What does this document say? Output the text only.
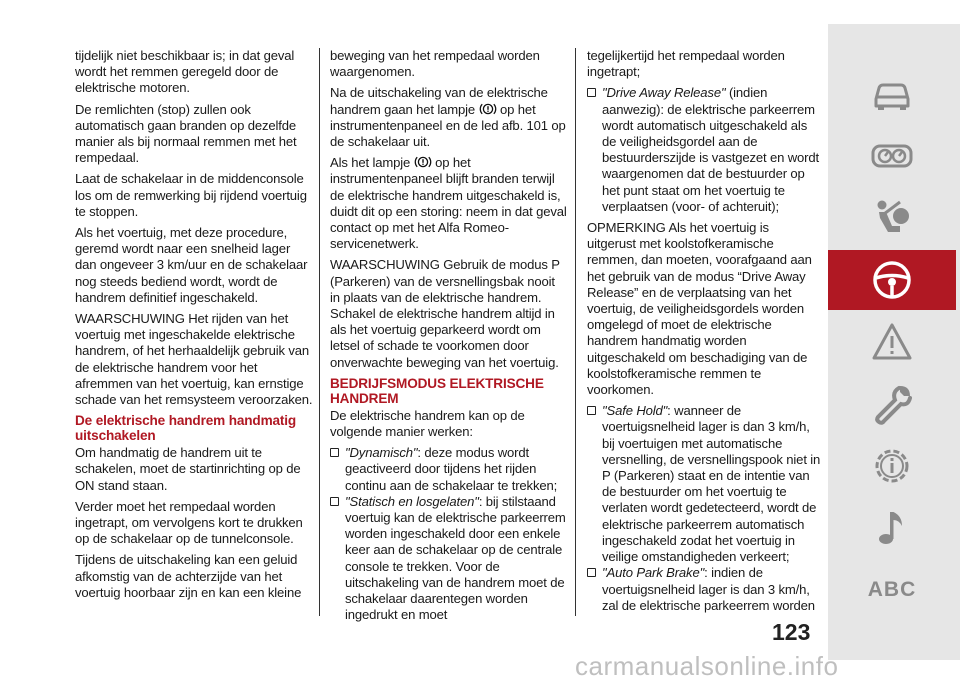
tijdelijk niet beschikbaar is; in dat geval wordt het remmen geregeld door de elektrische motoren.

De remlichten (stop) zullen ook automatisch gaan branden op dezelfde manier als bij normaal remmen met het rempedaal.

Laat de schakelaar in de middenconsole los om de remwerking bij rijdend voertuig te stoppen.

Als het voertuig, met deze procedure, geremd wordt naar een snelheid lager dan ongeveer 3 km/uur en de schakelaar nog steeds bediend wordt, wordt de handrem definitief ingeschakeld.

WAARSCHUWING Het rijden van het voertuig met ingeschakelde elektrische handrem, of het herhaaldelijk gebruik van de elektrische handrem voor het afremmen van het voertuig, kan ernstige schade van het remsysteem veroorzaken.

De elektrische handrem handmatig uitschakelen

Om handmatig de handrem uit te schakelen, moet de startinrichting op de ON stand staan.

Verder moet het rempedaal worden ingetrapt, om vervolgens kort te drukken op de schakelaar op de tunnelconsole.

Tijdens de uitschakeling kan een geluid afkomstig van de achterzijde van het voertuig hoorbaar zijn en kan een kleine

beweging van het rempedaal worden waargenomen.

Na de uitschakeling van de elektrische handrem gaan het lampje op het instrumentenpaneel en de led afb. 101 op de schakelaar uit.

Als het lampje op het instrumentenpaneel blijft branden terwijl de elektrische handrem uitgeschakeld is, duidt dit op een storing: neem in dat geval contact op met het Alfa Romeo-servicenetwerk.

WAARSCHUWING Gebruik de modus P (Parkeren) van de versnellingsbak nooit in plaats van de elektrische handrem. Schakel de elektrische handrem altijd in als het voertuig geparkeerd wordt om letsel of schade te voorkomen door onverwachte beweging van het voertuig.

BEDRIJFSMODUS ELEKTRISCHE HANDREM

De elektrische handrem kan op de volgende manier werken:

"Dynamisch": deze modus wordt geactiveerd door tijdens het rijden continu aan de schakelaar te trekken;
"Statisch en losgelaten": bij stilstaand voertuig kan de elektrische parkeerrem worden ingeschakeld door een enkele keer aan de schakelaar op de centrale console te trekken. Voor de uitschakeling van de handrem moet de schakelaar daarentegen worden ingedrukt en moet

tegelijkertijd het rempedaal worden ingetrapt;

"Drive Away Release" (indien aanwezig): de elektrische parkeerrem wordt automatisch uitgeschakeld als de veiligheidsgordel aan de bestuurderszijde is vastgezet en wordt waargenomen dat de bestuurder op het punt staat om het voertuig te verplaatsen (voor- of achteruit);

OPMERKING Als het voertuig is uitgerust met koolstofkeramische remmen, dan moeten, voorafgaand aan het gebruik van de modus “Drive Away Release” en de verplaatsing van het voertuig, de veiligheidsgordels worden omgelegd of moet de elektrische handrem handmatig worden uitgeschakeld om beschadiging van de koolstofkeramische remmen te voorkomen.

"Safe Hold": wanneer de voertuigsnelheid lager is dan 3 km/h, bij voertuigen met automatische versnelling, de versnellingspook niet in P (Parkeren) staat en de intentie van de bestuurder om het voertuig te verlaten wordt gedetecteerd, wordt de elektrische parkeerrem automatisch ingeschakeld zodat het voertuig in veilige omstandigheden verkeert;
"Auto Park Brake": indien de voertuigsnelheid lager is dan 3 km/h, zal de elektrische parkeerrem worden
ABC
123
carmanualsonline.info
